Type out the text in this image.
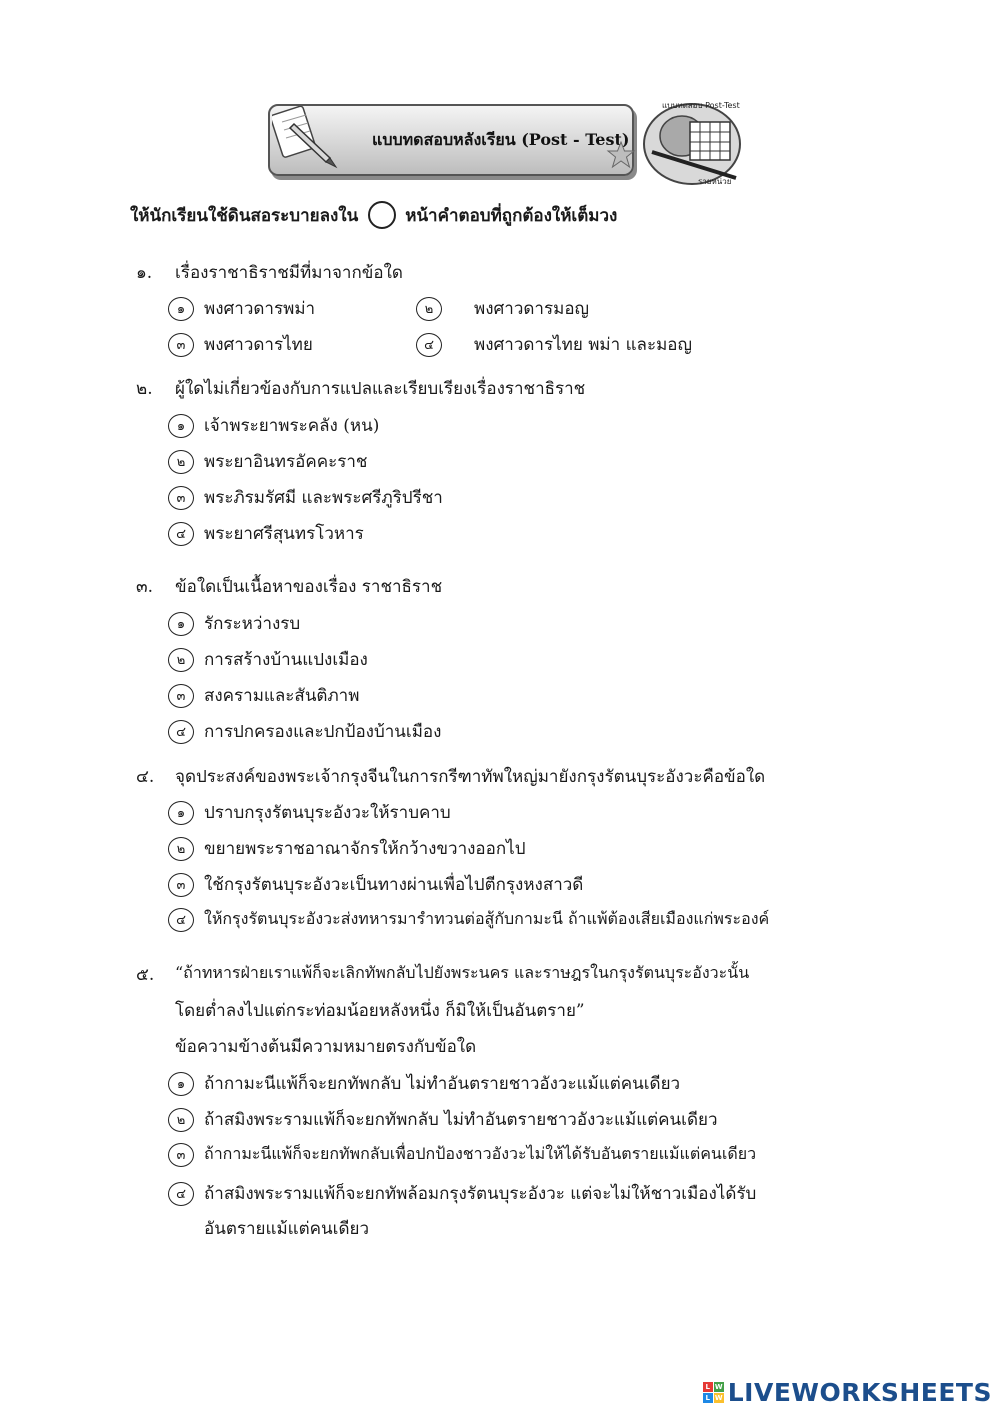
แบบทดสอบหลังเรียน (Post - Test)
แบบทดสอบ Post-Test
รายหน่วย
ให้นักเรียนใช้ดินสอระบายลงใน	หน้าคำตอบที่ถูกต้องให้เต็มวง
๑. เรื่องราชาธิราชมีที่มาจากข้อใด
๑	พงศาวดารพม่า	๒	พงศาวดารมอญ
๓	พงศาวดารไทย	๔	พงศาวดารไทย พม่า และมอญ
๒. ผู้ใดไม่เกี่ยวข้องกับการแปลและเรียบเรียงเรื่องราชาธิราช
๑	เจ้าพระยาพระคลัง (หน)
๒	พระยาอินทรอัคคะราช
๓	พระภิรมรัศมี และพระศรีภูริปรีชา
๔	พระยาศรีสุนทรโวหาร
๓. ข้อใดเป็นเนื้อหาของเรื่อง ราชาธิราช
๑	รักระหว่างรบ
๒	การสร้างบ้านแปงเมือง
๓	สงครามและสันติภาพ
๔	การปกครองและปกป้องบ้านเมือง
๔. จุดประสงค์ของพระเจ้ากรุงจีนในการกรีฑาทัพใหญ่มายังกรุงรัตนบุระอังวะคือข้อใด
๑	ปราบกรุงรัตนบุระอังวะให้ราบคาบ
๒	ขยายพระราชอาณาจักรให้กว้างขวางออกไป
๓	ใช้กรุงรัตนบุระอังวะเป็นทางผ่านเพื่อไปตีกรุงหงสาวดี
๔	ให้กรุงรัตนบุระอังวะส่งทหารมารำทวนต่อสู้กับกามะนี ถ้าแพ้ต้องเสียเมืองแก่พระองค์
๕. “ถ้าทหารฝ่ายเราแพ้ก็จะเลิกทัพกลับไปยังพระนคร และราษฎรในกรุงรัตนบุระอังวะนั้น
โดยต่ำลงไปแต่กระท่อมน้อยหลังหนึ่ง ก็มิให้เป็นอันตราย”
ข้อความข้างต้นมีความหมายตรงกับข้อใด
๑	ถ้ากามะนีแพ้ก็จะยกทัพกลับ ไม่ทำอันตรายชาวอังวะแม้แต่คนเดียว
๒	ถ้าสมิงพระรามแพ้ก็จะยกทัพกลับ ไม่ทำอันตรายชาวอังวะแม้แต่คนเดียว
๓	ถ้ากามะนีแพ้ก็จะยกทัพกลับเพื่อปกป้องชาวอังวะไม่ให้ได้รับอันตรายแม้แต่คนเดียว
๔	ถ้าสมิงพระรามแพ้ก็จะยกทัพล้อมกรุงรัตนบุระอังวะ แต่จะไม่ให้ชาวเมืองได้รับ
อันตรายแม้แต่คนเดียว
L W
L W LIVEWORKSHEETS
